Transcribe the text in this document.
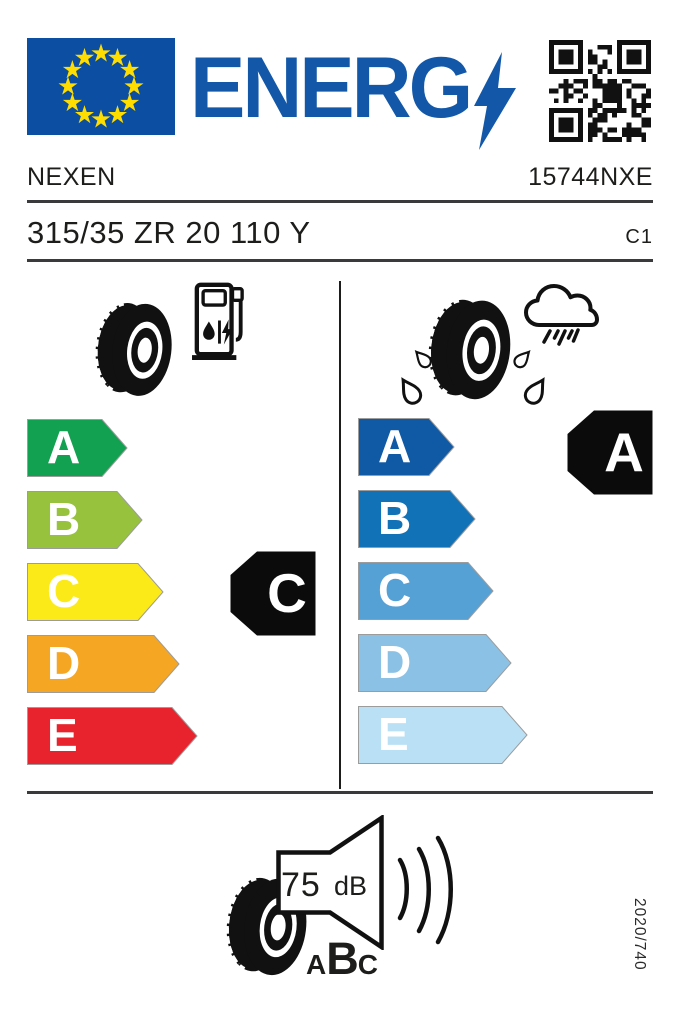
ENERG
NEXEN	15744NXE
315/35 ZR 20 110 Y	C1
A
B
C
D
E
A
B
C
D
E
C
A
75 dB
A B C	2020/740
